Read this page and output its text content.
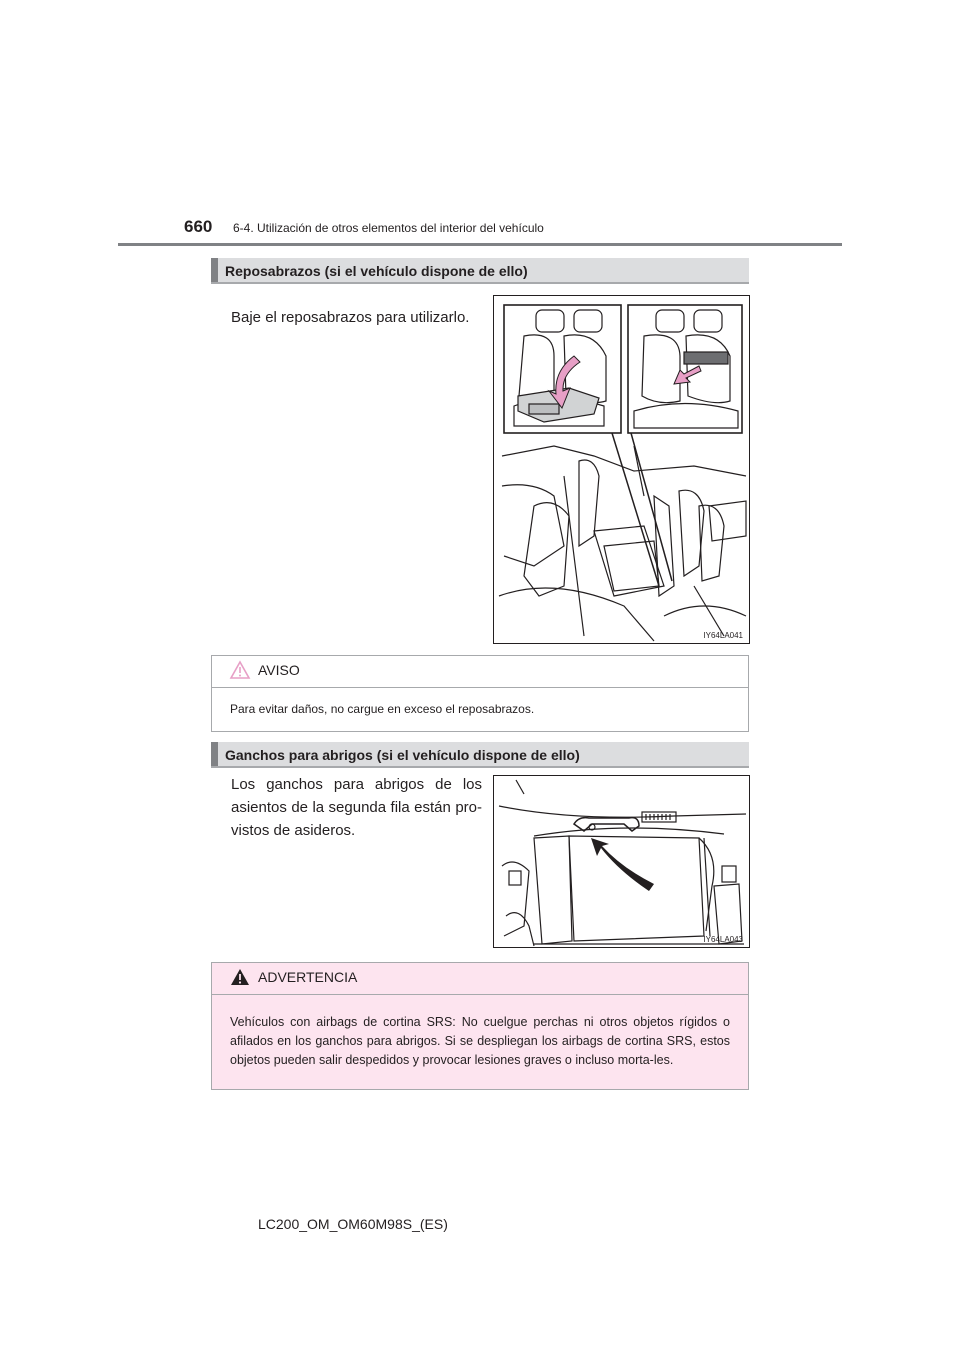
660 6-4. Utilización de otros elementos del interior del vehículo
Reposabrazos (si el vehículo dispone de ello)
Baje el reposabrazos para utilizarlo.
IY64LA041
AVISO
Para evitar daños, no cargue en exceso el reposabrazos.
Ganchos para abrigos (si el vehículo dispone de ello)
Los ganchos para abrigos de los asientos de la segunda fila están pro-vistos de asideros.
IY64LA043
ADVERTENCIA
Vehículos con airbags de cortina SRS: No cuelgue perchas ni otros objetos rígidos o afilados en los ganchos para abrigos. Si se despliegan los airbags de cortina SRS, estos objetos pueden salir despedidos y provocar lesiones graves o incluso morta-les.
LC200_OM_OM60M98S_(ES)
